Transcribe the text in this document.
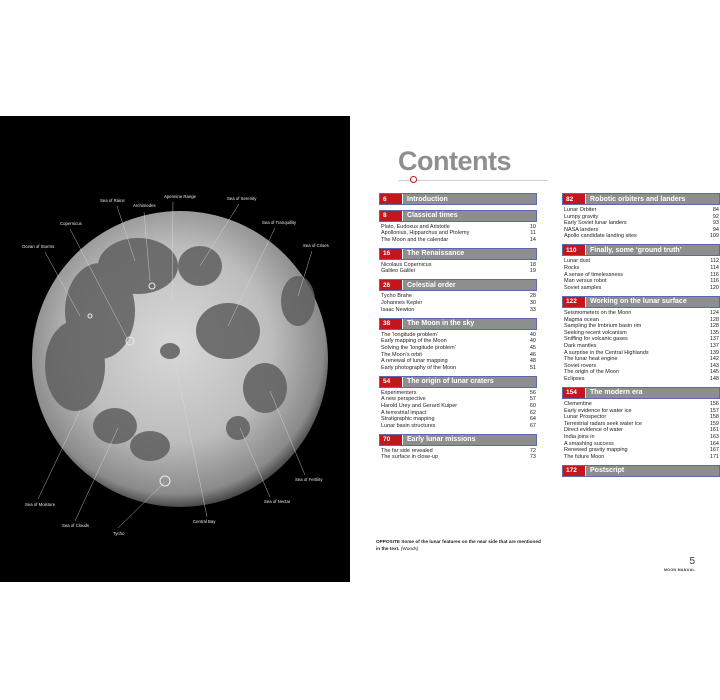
Apennine Range
Archimedes
Sea of Rains	Sea of Serenity
Copernicus	Sea of Tranquillity
Ocean of Storms	Sea of Crises
Sea of Moisture
Sea of Fertility
Sea of Clouds
Sea of Nectar
Tycho
Central Bay
Contents
6	Introduction
8	Classical times
Plato, Eudoxus and Aristotle	10
Apollonius, Hipparchus and Ptolemy	11
The Moon and the calendar	14
16	The Renaissance
Nicolaus Copernicus	18
Galileo Galilei	19
26	Celestial order
Tycho Brahe	28
Johannes Kepler	30
Isaac Newton	33
38	The Moon in the sky
The ‘longitude problem’	40
Early mapping of the Moon	40
Solving the ‘longitude problem’	45
The Moon’s orbit	46
A renewal of lunar mapping	48
Early photography of the Moon	51
54	The origin of lunar craters
Experimenters	56
A new perspective	57
Harold Urey and Gerard Kuiper	60
A terrestrial impact	62
Stratigraphic mapping	64
Lunar basin structures	67
70	Early lunar missions
The far side revealed	72
The surface in close-up	73
82	Robotic orbiters and landers
Lunar Orbiter	84
Lumpy gravity	92
Early Soviet lunar landers	93
NASA landers	94
Apollo candidate landing sites	109
110	Finally, some ‘ground truth’
Lunar dust	112
Rocks	114
A sense of timelessness	116
Man versus robot	116
Soviet samples	120
122	Working on the lunar surface
Seismometers on the Moon	124
Magma ocean	128
Sampling the Imbrium basin rim	128
Seeking recent volcanism	135
Sniffing for volcanic gases	137
Dark mantles	137
A surprise in the Central Highlands	139
The lunar heat engine	142
Soviet rovers	143
The origin of the Moon	145
Eclipses	148
154	The modern era
Clementine	156
Early evidence for water ice	157
Lunar Prospector	158
Terrestrial radars seek water ice	159
Direct evidence of water	161
India joins in	163
A smashing success	164
Renewed gravity mapping	167
The future Moon	171
172	Postscript
OPPOSITE Some of the lunar features on the near side that are mentioned in the text. (Woods)
5
MOON MANUAL
